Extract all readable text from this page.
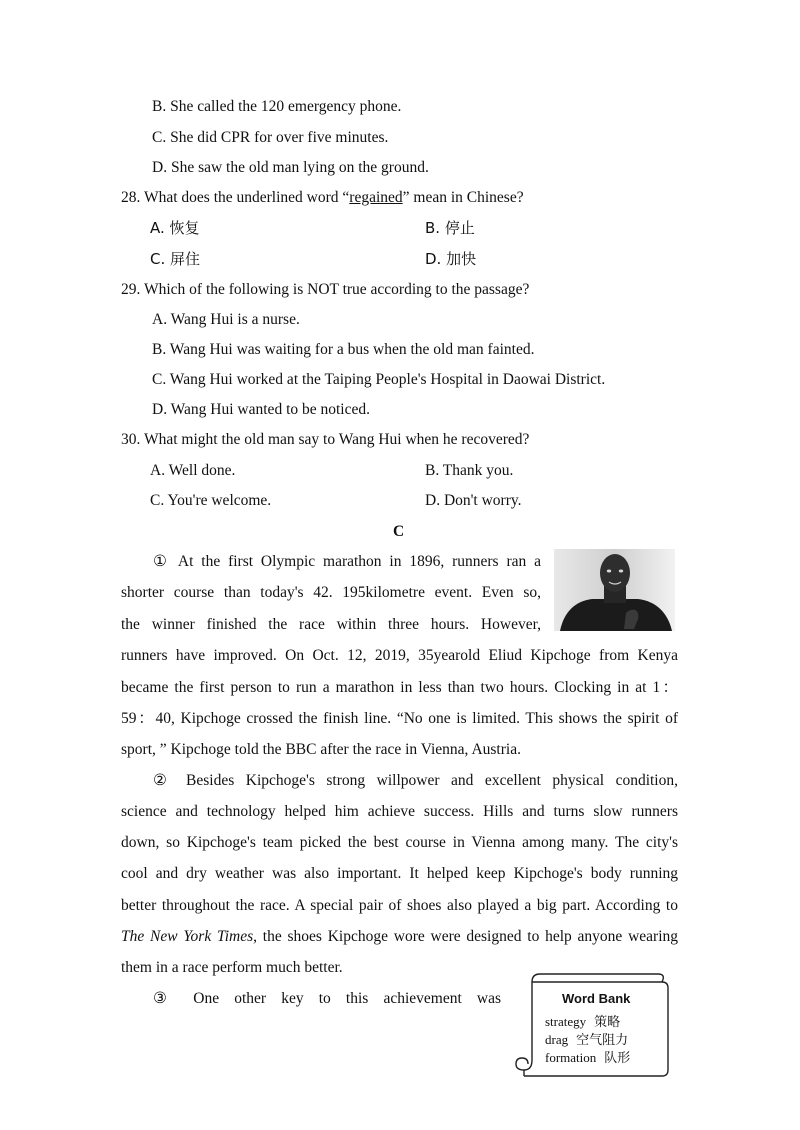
B. She called the 120 emergency phone.
C. She did CPR for over five minutes.
D. She saw the old man lying on the ground.
28. What does the underlined word “regained” mean in Chinese?
A. 恢复	B. 停止
C. 屏住	D. 加快
29. Which of the following is NOT true according to the passage?
A. Wang Hui is a nurse.
B. Wang Hui was waiting for a bus when the old man fainted.
C. Wang Hui worked at the Taiping People's Hospital in Daowai District.
D. Wang Hui wanted to be noticed.
30. What might the old man say to Wang Hui when he recovered?
A. Well done.	B. Thank you.
C. You're welcome.	D. Don't worry.
C
① At the first Olympic marathon in 1896, runners ran a
shorter course than today's 42. 195kilometre event. Even so,
the winner finished the race within three hours. However,
runners have improved. On Oct. 12, 2019, 35yearold Eliud Kipchoge from Kenya
became the first person to run a marathon in less than two hours. Clocking in at 1：
59：40, Kipchoge crossed the finish line. “No one is limited. This shows the spirit of
sport, ” Kipchoge told the BBC after the race in Vienna, Austria.
② Besides Kipchoge's strong willpower and excellent physical condition,
science and technology helped him achieve success. Hills and turns slow runners
down, so Kipchoge's team picked the best course in Vienna among many. The city's
cool and dry weather was also important. It helped keep Kipchoge's body running
better throughout the race. A special pair of shoes also played a big part. According to
The New York Times, the shoes Kipchoge wore were designed to help anyone wearing
them in a race perform much better.
③ One other key to this achievement was	Word Bank
strategy 策略
drag 空气阻力
formation 队形
